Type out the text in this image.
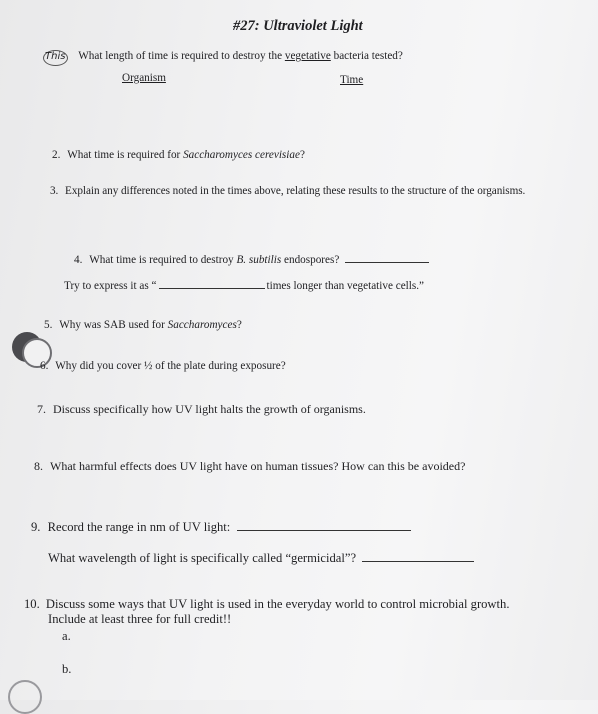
#27: Ultraviolet Light
This What length of time is required to destroy the vegetative bacteria tested?
Organism	Time
2. What time is required for Saccharomyces cerevisiae?
3. Explain any differences noted in the times above, relating these results to the structure of the organisms.
4. What time is required to destroy B. subtilis endospores?
Try to express it as “	times longer than vegetative cells.”
5. Why was SAB used for Saccharomyces?
6. Why did you cover ½ of the plate during exposure?
7. Discuss specifically how UV light halts the growth of organisms.
8. What harmful effects does UV light have on human tissues? How can this be avoided?
9. Record the range in nm of UV light:
What wavelength of light is specifically called “germicidal”?
10. Discuss some ways that UV light is used in the everyday world to control microbial growth.
Include at least three for full credit!!
a.
b.
